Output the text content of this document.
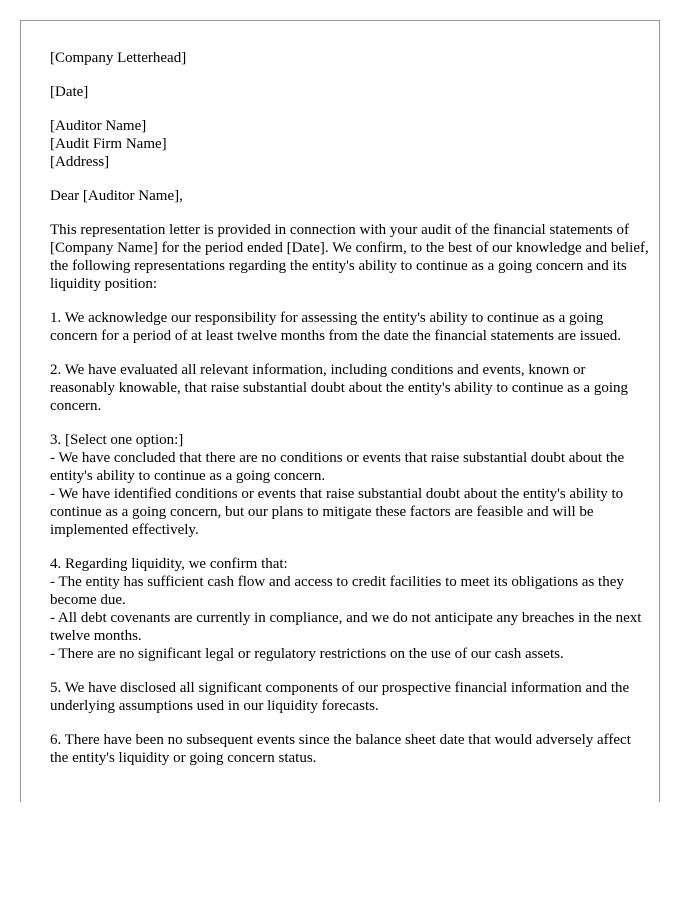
[Company Letterhead]

[Date]

[Auditor Name]
[Audit Firm Name]
[Address]

Dear [Auditor Name],

This representation letter is provided in connection with your audit of the financial statements of [Company Name] for the period ended [Date]. We confirm, to the best of our knowledge and belief, the following representations regarding the entity's ability to continue as a going concern and its liquidity position:

1. We acknowledge our responsibility for assessing the entity's ability to continue as a going concern for a period of at least twelve months from the date the financial statements are issued.

2. We have evaluated all relevant information, including conditions and events, known or reasonably knowable, that raise substantial doubt about the entity's ability to continue as a going concern.

3. [Select one option:]
- We have concluded that there are no conditions or events that raise substantial doubt about the entity's ability to continue as a going concern.
- We have identified conditions or events that raise substantial doubt about the entity's ability to continue as a going concern, but our plans to mitigate these factors are feasible and will be implemented effectively.

4. Regarding liquidity, we confirm that:
- The entity has sufficient cash flow and access to credit facilities to meet its obligations as they become due.
- All debt covenants are currently in compliance, and we do not anticipate any breaches in the next twelve months.
- There are no significant legal or regulatory restrictions on the use of our cash assets.

5. We have disclosed all significant components of our prospective financial information and the underlying assumptions used in our liquidity forecasts.

6. There have been no subsequent events since the balance sheet date that would adversely affect the entity's liquidity or going concern status.
